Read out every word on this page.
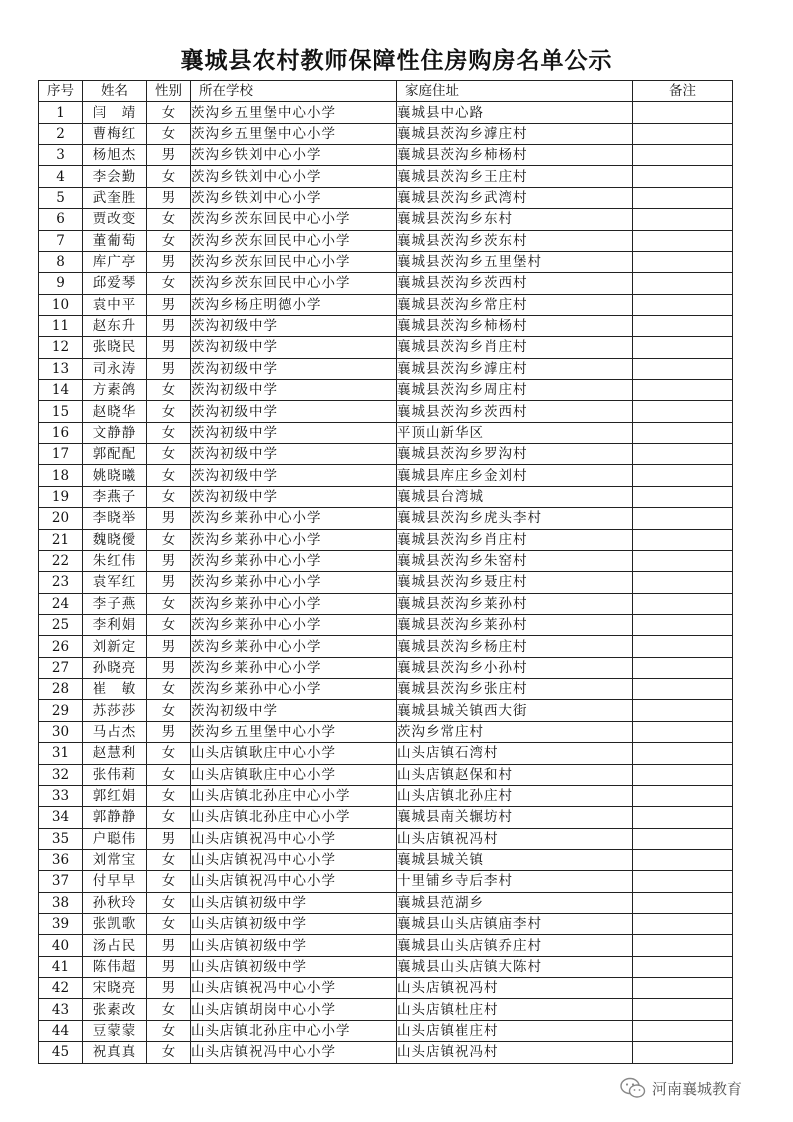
襄城县农村教师保障性住房购房名单公示
序号	姓名	性别	所在学校	家庭住址	备注
1	闫　靖	女	茨沟乡五里堡中心小学	襄城县中心路	
2	曹梅红	女	茨沟乡五里堡中心小学	襄城县茨沟乡滹庄村	
3	杨旭杰	男	茨沟乡铁刘中心小学	襄城县茨沟乡柿杨村	
4	李会勤	女	茨沟乡铁刘中心小学	襄城县茨沟乡王庄村	
5	武奎胜	男	茨沟乡铁刘中心小学	襄城县茨沟乡武湾村	
6	贾改变	女	茨沟乡茨东回民中心小学	襄城县茨沟乡东村	
7	董葡萄	女	茨沟乡茨东回民中心小学	襄城县茨沟乡茨东村	
8	库广亭	男	茨沟乡茨东回民中心小学	襄城县茨沟乡五里堡村	
9	邱爱琴	女	茨沟乡茨东回民中心小学	襄城县茨沟乡茨西村	
10	袁中平	男	茨沟乡杨庄明德小学	襄城县茨沟乡常庄村	
11	赵东升	男	茨沟初级中学	襄城县茨沟乡柿杨村	
12	张晓民	男	茨沟初级中学	襄城县茨沟乡肖庄村	
13	司永涛	男	茨沟初级中学	襄城县茨沟乡滹庄村	
14	方素鸽	女	茨沟初级中学	襄城县茨沟乡周庄村	
15	赵晓华	女	茨沟初级中学	襄城县茨沟乡茨西村	
16	文静静	女	茨沟初级中学	平顶山新华区	
17	郭配配	女	茨沟初级中学	襄城县茨沟乡罗沟村	
18	姚晓曦	女	茨沟初级中学	襄城县库庄乡金刘村	
19	李燕子	女	茨沟初级中学	襄城县台湾城	
20	李晓举	男	茨沟乡莱孙中心小学	襄城县茨沟乡虎头李村	
21	魏晓僾	女	茨沟乡莱孙中心小学	襄城县茨沟乡肖庄村	
22	朱红伟	男	茨沟乡莱孙中心小学	襄城县茨沟乡朱窑村	
23	袁军红	男	茨沟乡莱孙中心小学	襄城县茨沟乡聂庄村	
24	李子燕	女	茨沟乡莱孙中心小学	襄城县茨沟乡莱孙村	
25	李利娟	女	茨沟乡莱孙中心小学	襄城县茨沟乡莱孙村	
26	刘新定	男	茨沟乡莱孙中心小学	襄城县茨沟乡杨庄村	
27	孙晓亮	男	茨沟乡莱孙中心小学	襄城县茨沟乡小孙村	
28	崔　敏	女	茨沟乡莱孙中心小学	襄城县茨沟乡张庄村	
29	苏莎莎	女	茨沟初级中学	襄城县城关镇西大街	
30	马占杰	男	茨沟乡五里堡中心小学	茨沟乡常庄村	
31	赵慧利	女	山头店镇耿庄中心小学	山头店镇石湾村	
32	张伟莉	女	山头店镇耿庄中心小学	山头店镇赵保和村	
33	郭红娟	女	山头店镇北孙庄中心小学	山头店镇北孙庄村	
34	郭静静	女	山头店镇北孙庄中心小学	襄城县南关辗坊村	
35	户聪伟	男	山头店镇祝冯中心小学	山头店镇祝冯村	
36	刘常宝	女	山头店镇祝冯中心小学	襄城县城关镇	
37	付早早	女	山头店镇祝冯中心小学	十里铺乡寺后李村	
38	孙秋玲	女	山头店镇初级中学	襄城县范湖乡	
39	张凯歌	女	山头店镇初级中学	襄城县山头店镇庙李村	
40	汤占民	男	山头店镇初级中学	襄城县山头店镇乔庄村	
41	陈伟超	男	山头店镇初级中学	襄城县山头店镇大陈村	
42	宋晓亮	男	山头店镇祝冯中心小学	山头店镇祝冯村	
43	张素改	女	山头店镇胡岗中心小学	山头店镇杜庄村	
44	豆蒙蒙	女	山头店镇北孙庄中心小学	山头店镇崔庄村	
45	祝真真	女	山头店镇祝冯中心小学	山头店镇祝冯村	
河南襄城教育
